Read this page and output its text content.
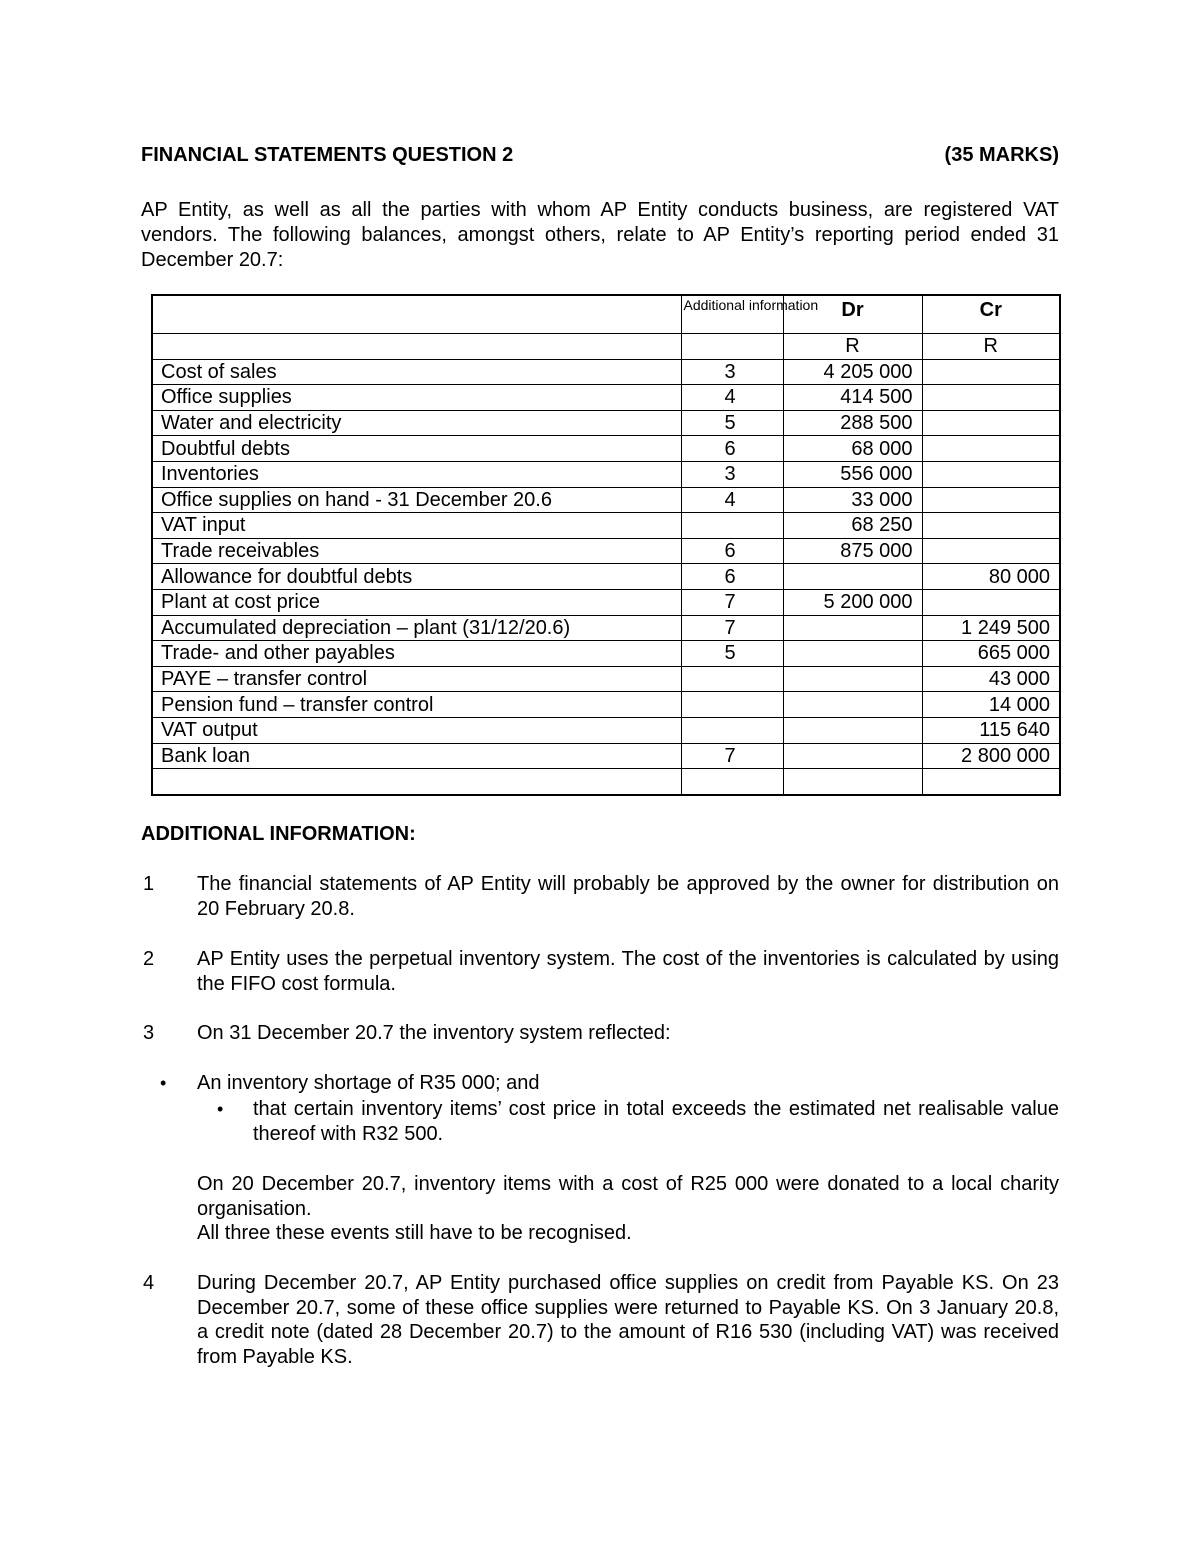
FINANCIAL STATEMENTS QUESTION 2	(35 MARKS)
AP Entity, as well as all the parties with whom AP Entity conducts business, are registered VAT vendors. The following balances, amongst others, relate to AP Entity’s reporting period ended 31 December 20.7:
	Additional information	Dr	Cr
		R	R
Cost of sales	3	4 205 000	
Office supplies	4	414 500	
Water and electricity	5	288 500	
Doubtful debts	6	68 000	
Inventories	3	556 000	
Office supplies on hand - 31 December 20.6	4	33 000	
VAT input		68 250	
Trade receivables	6	875 000	
Allowance for doubtful debts	6		80 000
Plant at cost price	7	5 200 000	
Accumulated depreciation – plant (31/12/20.6)	7		1 249 500
Trade- and other payables	5		665 000
PAYE – transfer control			43 000
Pension fund – transfer control			14 000
VAT output			115 640
Bank loan	7		2 800 000

ADDITIONAL INFORMATION:
1 The financial statements of AP Entity will probably be approved by the owner for distribution on 20 February 20.8.
2 AP Entity uses the perpetual inventory system. The cost of the inventories is calculated by using the FIFO cost formula.
3 On 31 December 20.7 the inventory system reflected:
• An inventory shortage of R35 000; and
• that certain inventory items’ cost price in total exceeds the estimated net realisable value thereof with R32 500.
On 20 December 20.7, inventory items with a cost of R25 000 were donated to a local charity organisation.
All three these events still have to be recognised.
4 During December 20.7, AP Entity purchased office supplies on credit from Payable KS. On 23 December 20.7, some of these office supplies were returned to Payable KS. On 3 January 20.8, a credit note (dated 28 December 20.7) to the amount of R16 530 (including VAT) was received from Payable KS.
